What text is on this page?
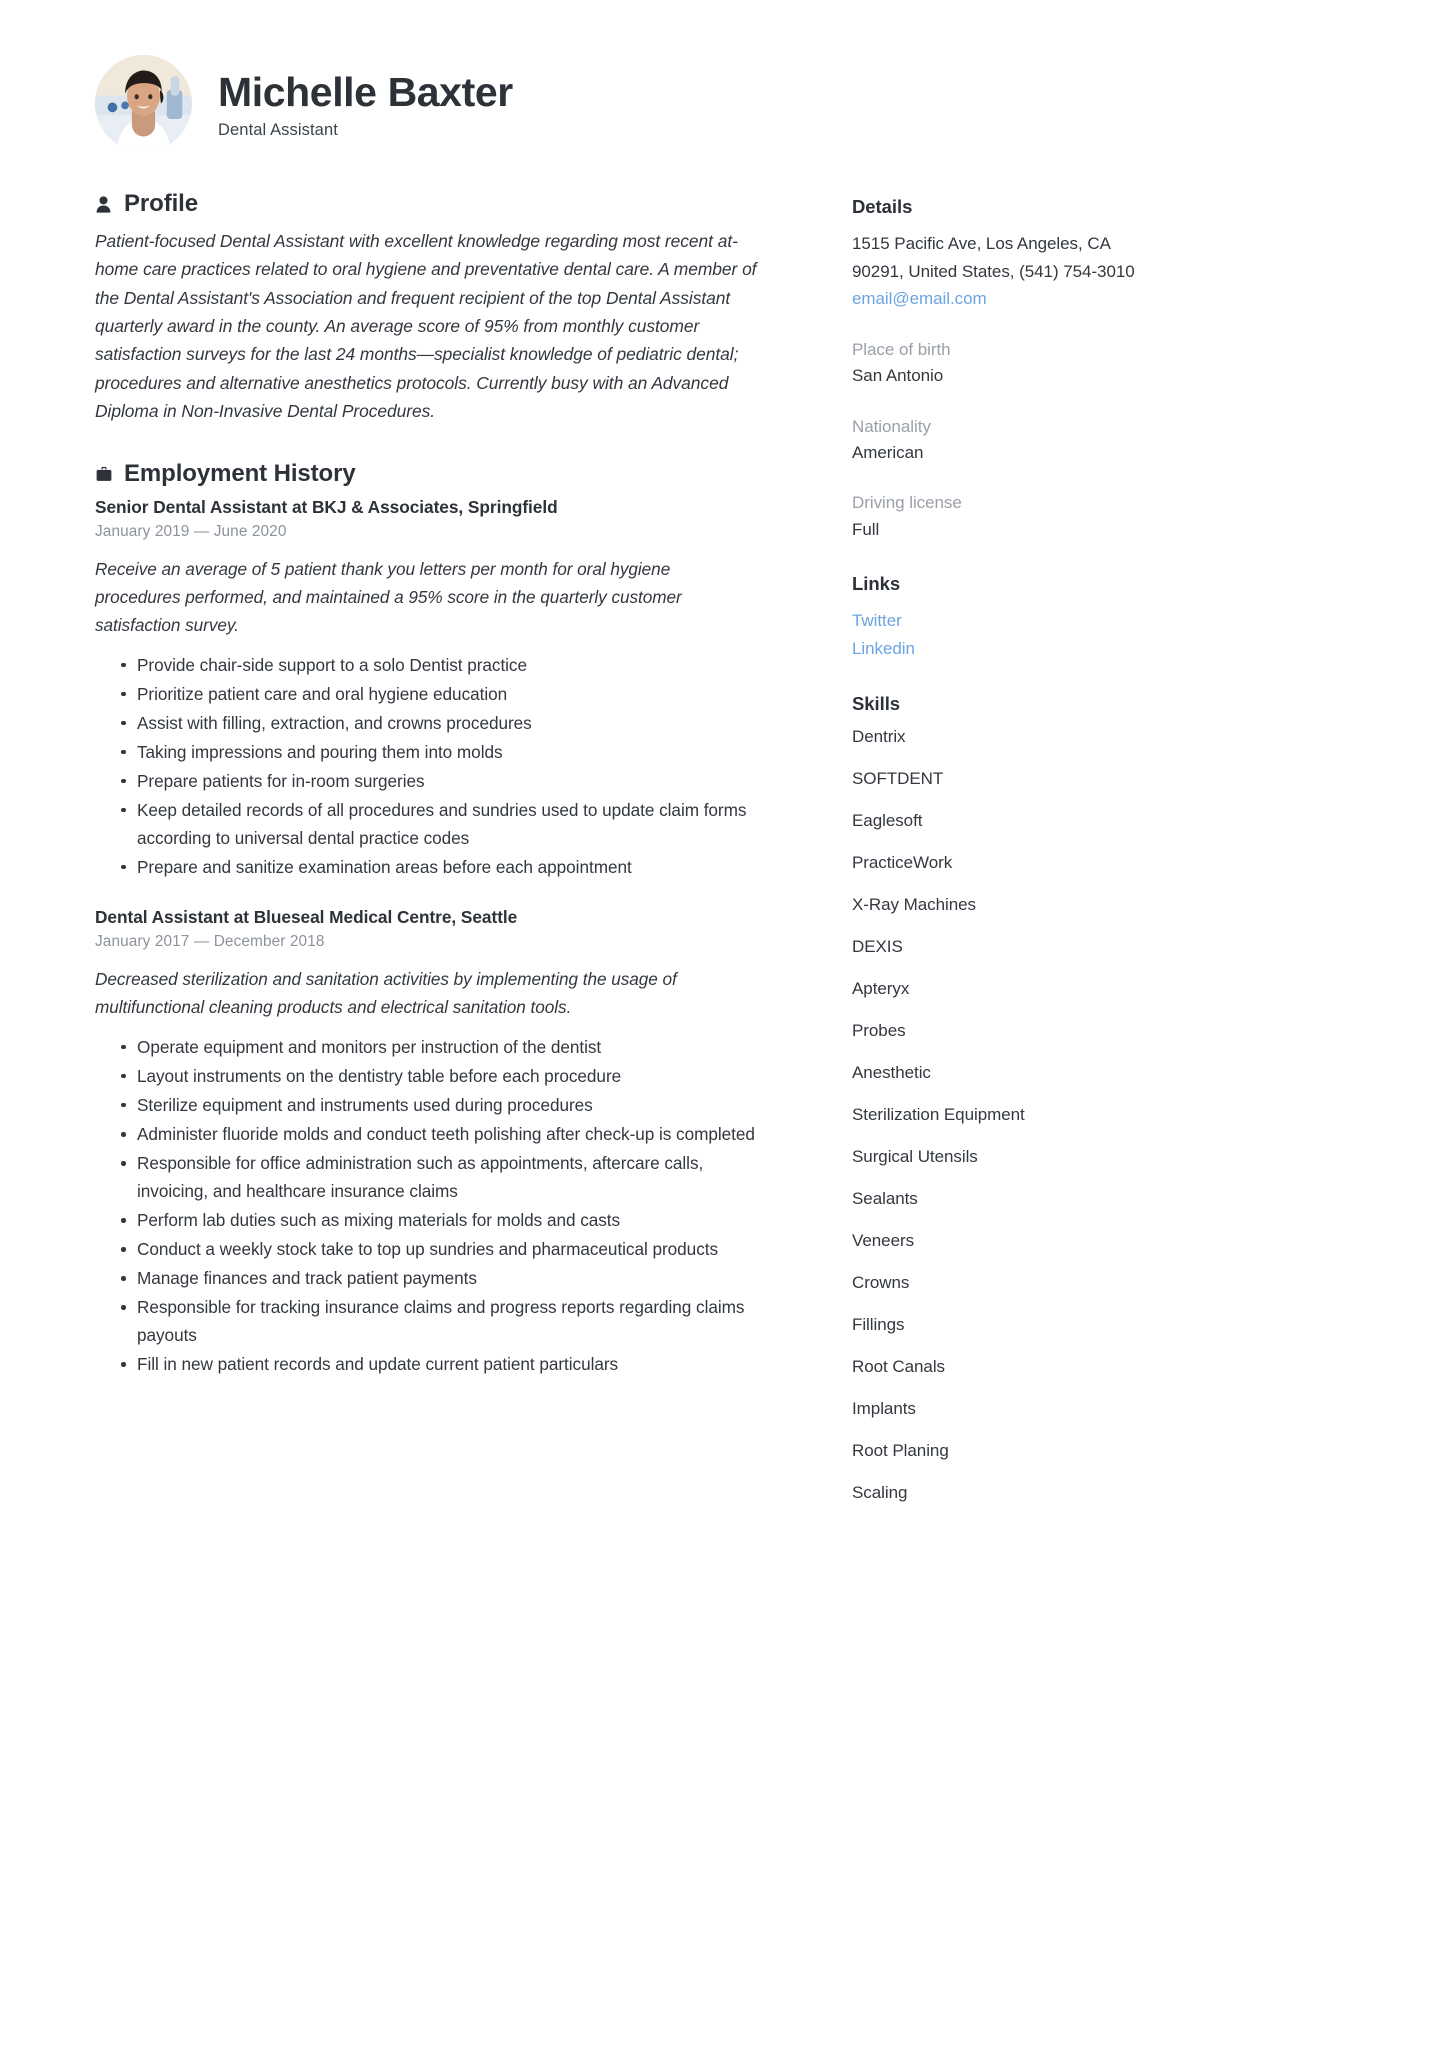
Michelle Baxter
Dental Assistant
Profile

Patient-focused Dental Assistant with excellent knowledge regarding most recent at-home care practices related to oral hygiene and preventative dental care. A member of the Dental Assistant's Association and frequent recipient of the top Dental Assistant quarterly award in the county. An average score of 95% from monthly customer satisfaction surveys for the last 24 months—specialist knowledge of pediatric dental; procedures and alternative anesthetics protocols. Currently busy with an Advanced Diploma in Non-Invasive Dental Procedures.

Employment History
Senior Dental Assistant at BKJ & Associates, Springfield
January 2019 — June 2020

Receive an average of 5 patient thank you letters per month for oral hygiene procedures performed, and maintained a 95% score in the quarterly customer satisfaction survey.

Provide chair-side support to a solo Dentist practice
Prioritize patient care and oral hygiene education
Assist with filling, extraction, and crowns procedures
Taking impressions and pouring them into molds
Prepare patients for in-room surgeries
Keep detailed records of all procedures and sundries used to update claim forms according to universal dental practice codes
Prepare and sanitize examination areas before each appointment
Dental Assistant at Blueseal Medical Centre, Seattle
January 2017 — December 2018

Decreased sterilization and sanitation activities by implementing the usage of multifunctional cleaning products and electrical sanitation tools.

Operate equipment and monitors per instruction of the dentist
Layout instruments on the dentistry table before each procedure
Sterilize equipment and instruments used during procedures
Administer fluoride molds and conduct teeth polishing after check-up is completed
Responsible for office administration such as appointments, aftercare calls, invoicing, and healthcare insurance claims
Perform lab duties such as mixing materials for molds and casts
Conduct a weekly stock take to top up sundries and pharmaceutical products
Manage finances and track patient payments
Responsible for tracking insurance claims and progress reports regarding claims payouts
Fill in new patient records and update current patient particulars
Details
1515 Pacific Ave, Los Angeles, CA 90291, United States, (541) 754-3010
email@email.com
Place of birth
San Antonio
Nationality
American
Driving license
Full
Links
Twitter
Linkedin
Skills
Dentrix
SOFTDENT
Eaglesoft
PracticeWork
X-Ray Machines
DEXIS
Apteryx
Probes
Anesthetic
Sterilization Equipment
Surgical Utensils
Sealants
Veneers
Crowns
Fillings
Root Canals
Implants
Root Planing
Scaling
